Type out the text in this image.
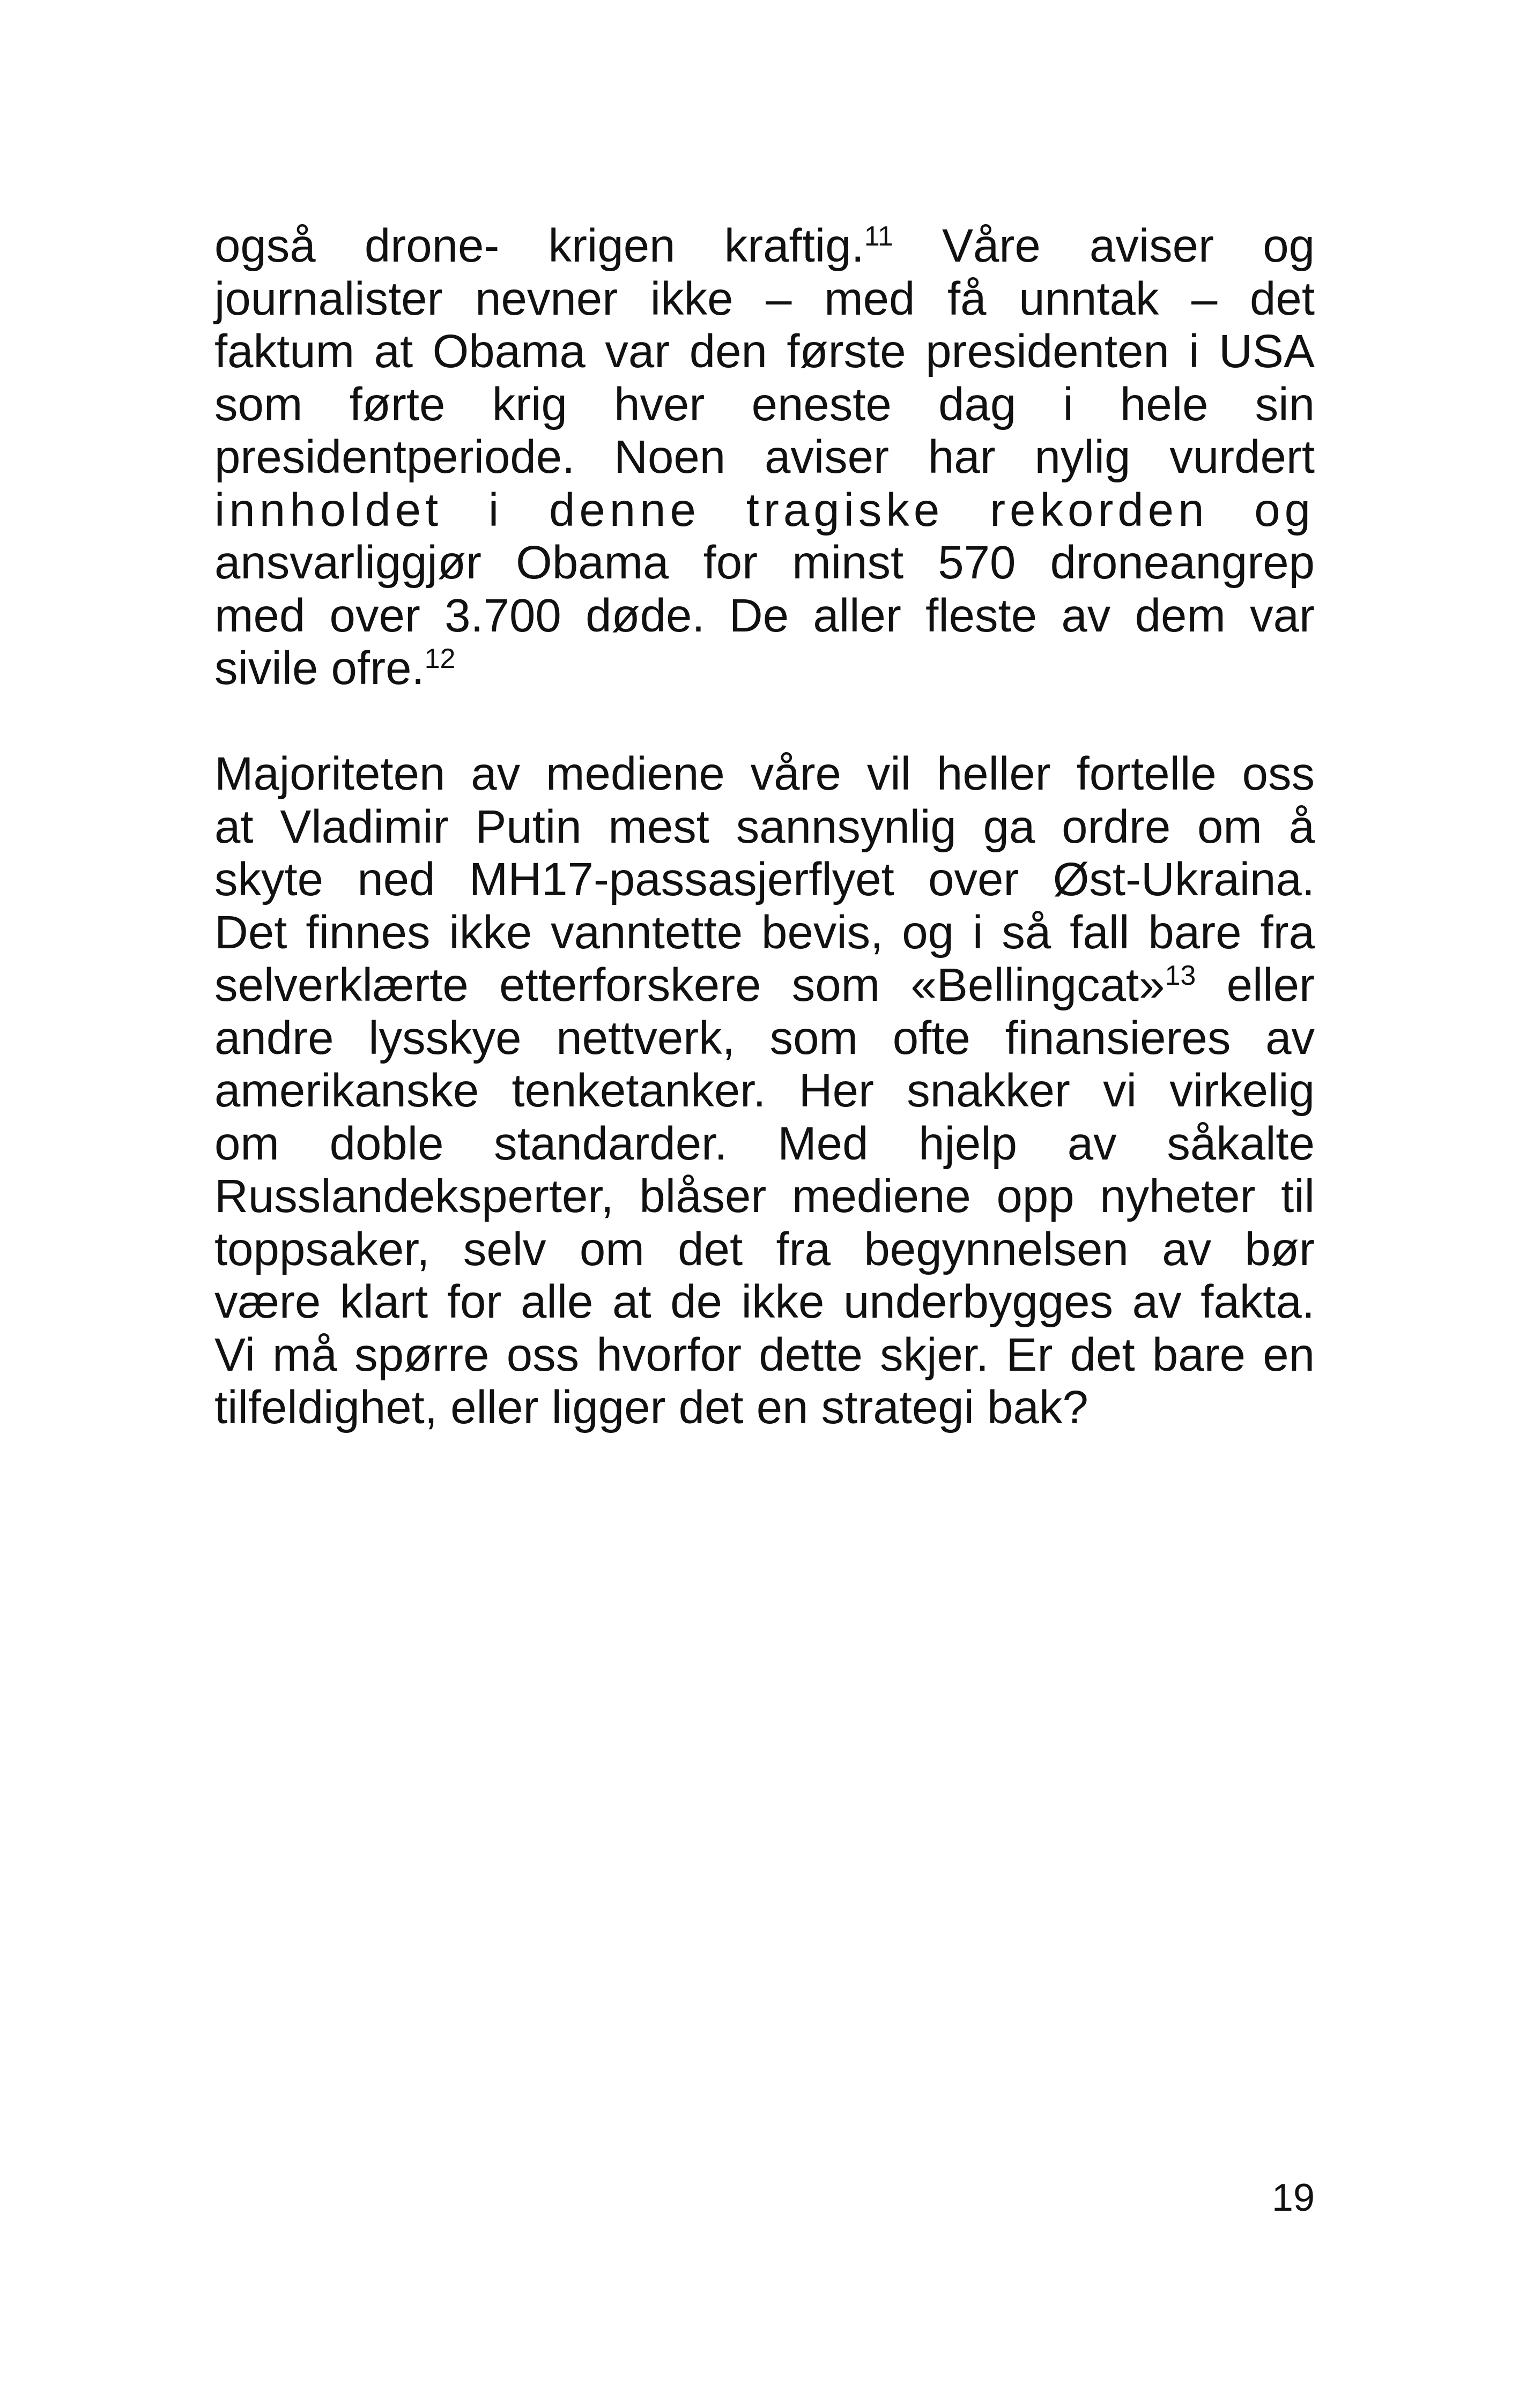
også drone- krigen kraftig.$^{11}$ Våre aviser og
journalister nevner ikke – med få unntak – det
faktum at Obama var den første presidenten i USA
som førte krig hver eneste dag i hele sin
presidentperiode. Noen aviser har nylig vurdert
innholdet i denne tragiske rekorden og
ansvarliggjør Obama for minst 570 droneangrep
med over 3.700 døde. De aller fleste av dem var
sivile ofre.$^{12}$
Majoriteten av mediene våre vil heller fortelle oss
at Vladimir Putin mest sannsynlig ga ordre om å
skyte ned MH17-passasjerflyet over Øst-Ukraina.
Det finnes ikke vanntette bevis, og i så fall bare fra
selverklærte etterforskere som «Bellingcat»$^{13}$ eller
andre lysskye nettverk, som ofte finansieres av
amerikanske tenketanker. Her snakker vi virkelig
om doble standarder. Med hjelp av såkalte
Russlandeksperter, blåser mediene opp nyheter til
toppsaker, selv om det fra begynnelsen av bør
være klart for alle at de ikke underbygges av fakta.
Vi må spørre oss hvorfor dette skjer. Er det bare en
tilfeldighet, eller ligger det en strategi bak?
19
